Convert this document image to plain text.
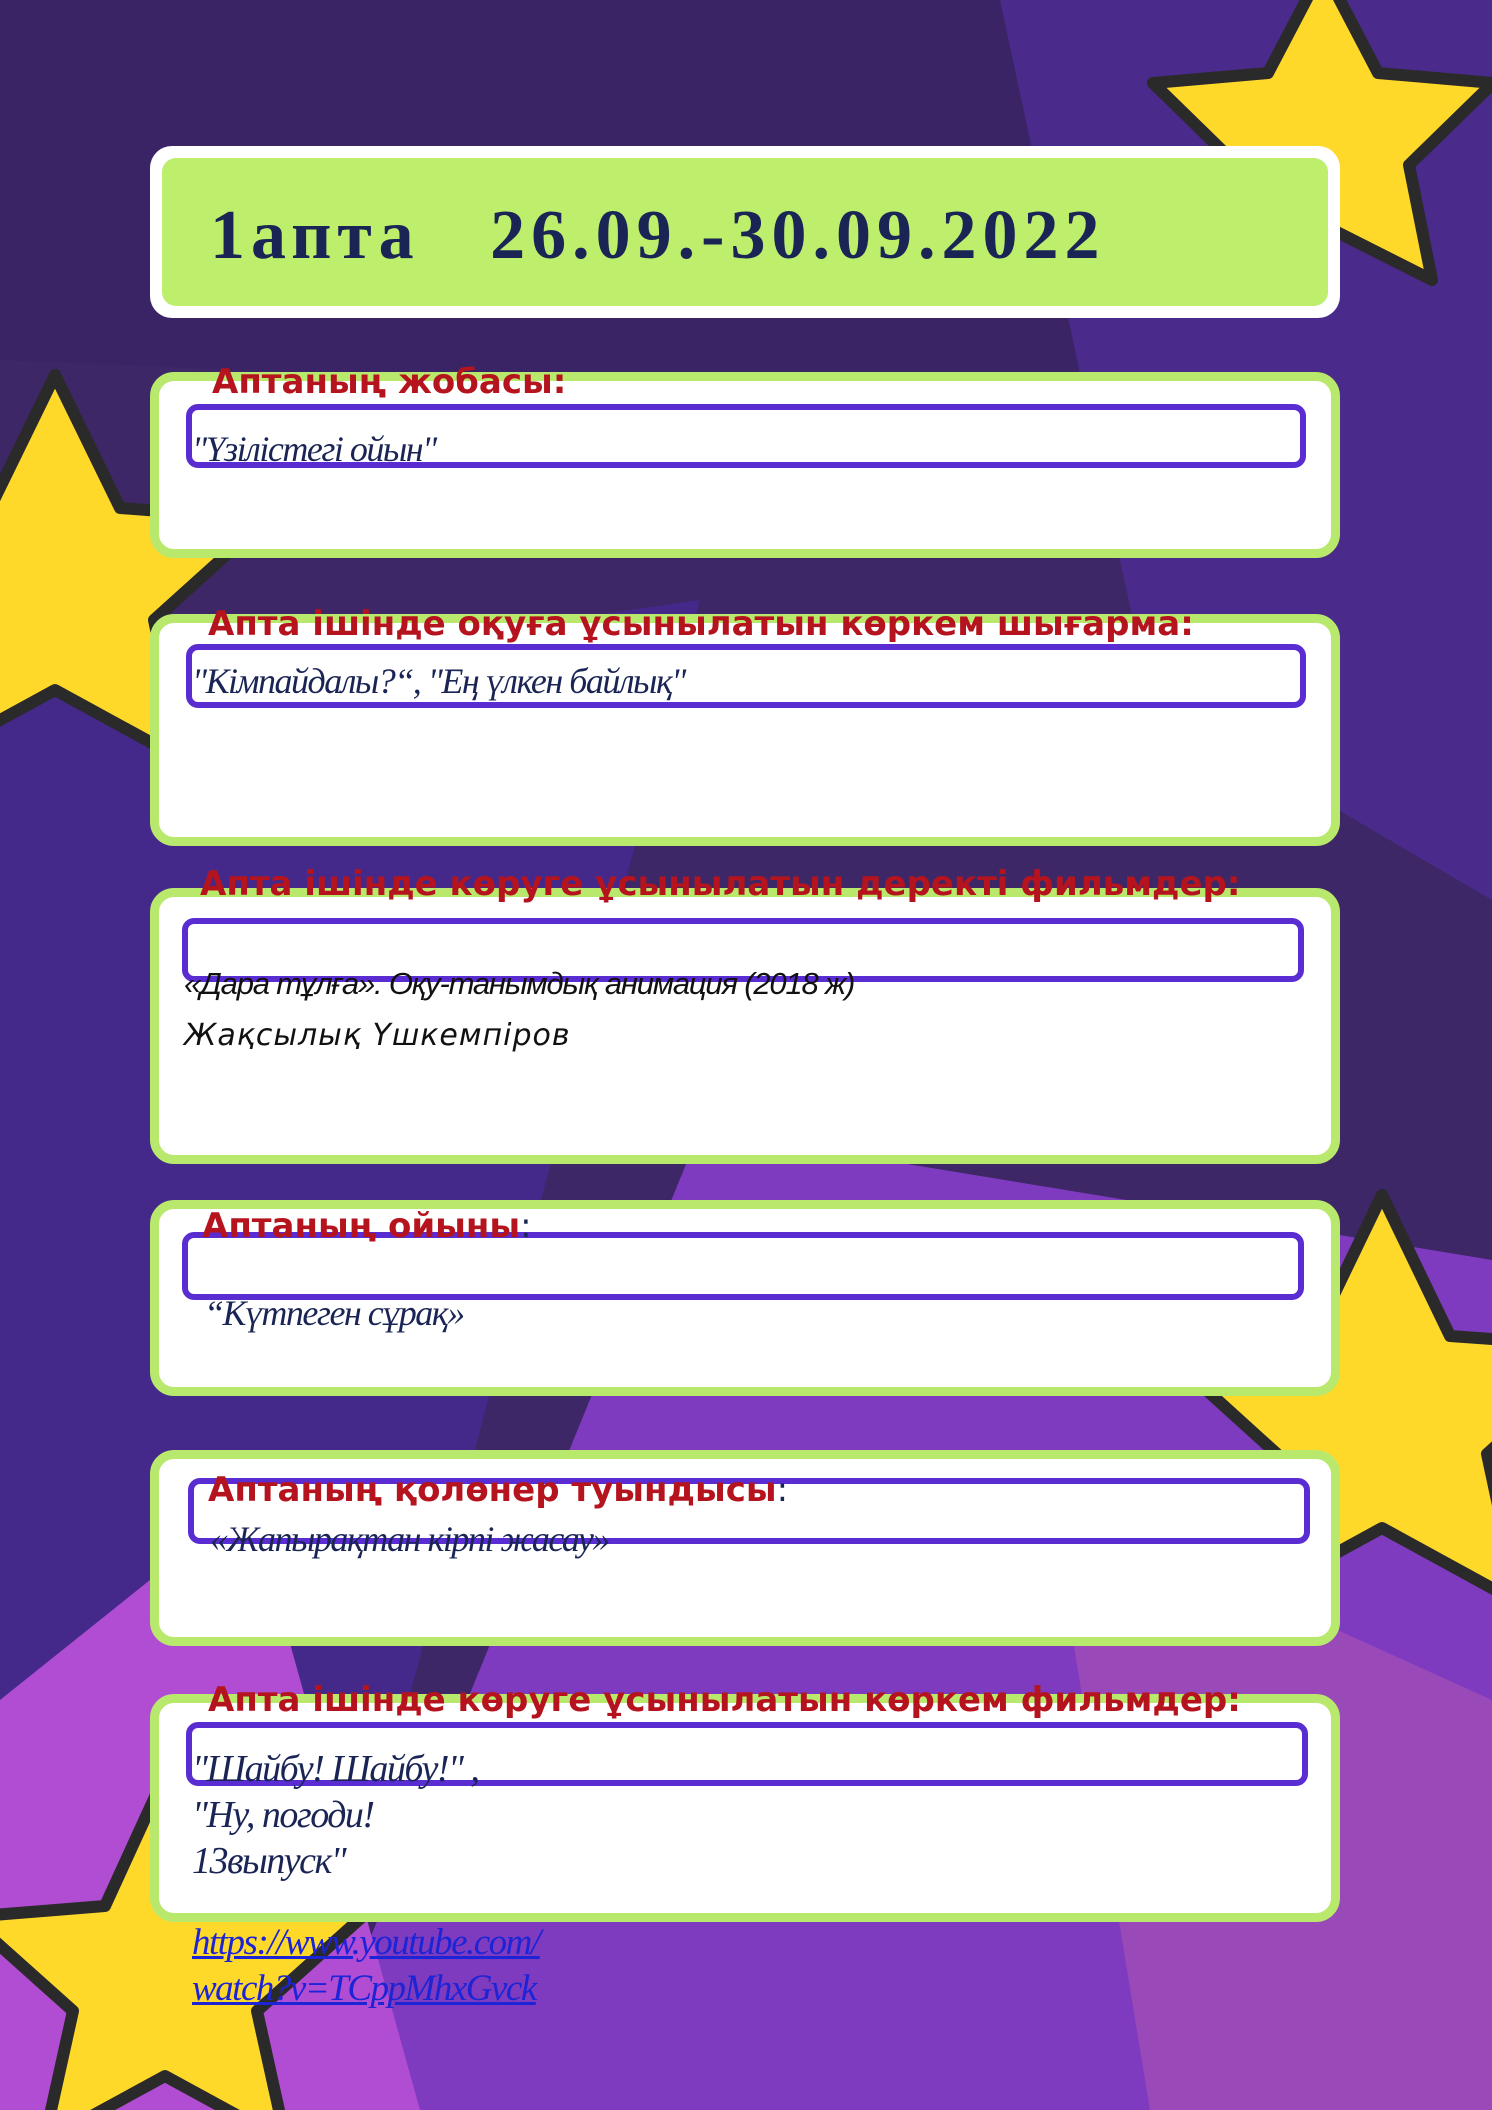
1апта   26.09.-30.09.2022
Аптаның жобасы:
"Үзілістегі ойын"
Апта ішінде оқуға ұсынылатын көркем шығарма:
"Кімпайдалы?“, "Ең үлкен байлық"
Апта ішінде көруге ұсынылатын деректі фильмдер:
«Дара тұлға». Оқу-танымдық анимация (2018 ж)
Жақсылық Үшкемпіров
Аптаның ойыны:
“Күтпеген сұрақ»
Аптаның қолөнер туындысы:
«Жапырақтан кірпі жасау»
Апта ішінде көруге ұсынылатын көркем фильмдер:
"Шайбу! Шайбу!" ,
"Ну, погоди!
13выпуск"
https://www.youtube.com/watch?v=TCppMhxGvck
